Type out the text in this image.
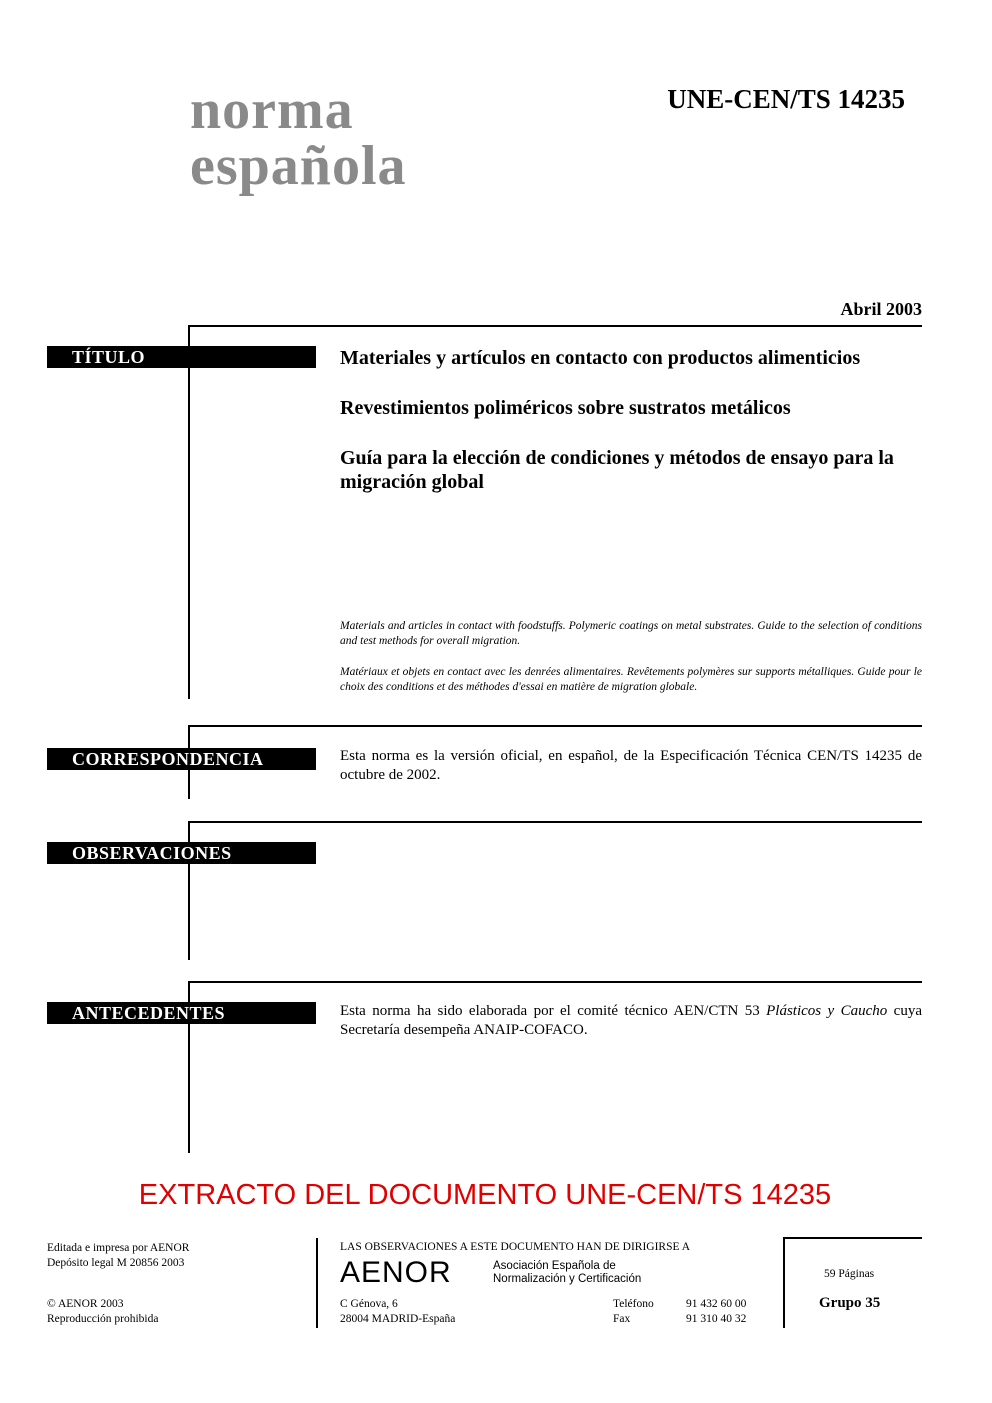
norma
española
UNE-CEN/TS 14235
Abril 2003
TÍTULO	Materiales y artículos en contacto con productos alimenticios
Revestimientos poliméricos sobre sustratos metálicos
Guía para la elección de condiciones y métodos de ensayo para la migración global
Materials and articles in contact with foodstuffs. Polymeric coatings on metal substrates. Guide to the selection of conditions and test methods for overall migration.
Matériaux et objets en contact avec les denrées alimentaires. Revêtements polymères sur supports métalliques. Guide pour le choix des conditions et des méthodes d'essai en matière de migration globale.
CORRESPONDENCIA	Esta norma es la versión oficial, en español, de la Especificación Técnica CEN/TS 14235 de octubre de 2002.
OBSERVACIONES
ANTECEDENTES	Esta norma ha sido elaborada por el comité técnico AEN/CTN 53 Plásticos y Caucho cuya Secretaría desempeña ANAIP-COFACO.
EXTRACTO DEL DOCUMENTO UNE-CEN/TS 14235
Editada e impresa por AENOR
Depósito legal M 20856 2003
© AENOR 2003
Reproducción prohibida
LAS OBSERVACIONES A ESTE DOCUMENTO HAN DE DIRIGIRSE A
AENOR	Asociación Española de
Normalización y Certificación
C Génova, 6
28004 MADRID-España
Teléfono	91 432 60 00
Fax	91 310 40 32
59 Páginas
Grupo 35
